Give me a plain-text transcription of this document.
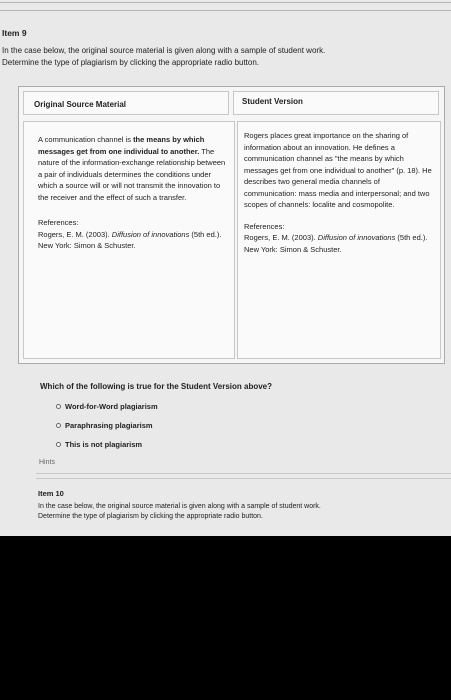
Item 9
In the case below, the original source material is given along with a sample of student work.
Determine the type of plagiarism by clicking the appropriate radio button.
Original Source Material	Student Version
A communication channel is the means by which messages get from one individual to another. The nature of the information-exchange relationship between a pair of individuals determines the conditions under which a source will or will not transmit the innovation to the receiver and the effect of such a transfer.
References:
Rogers, E. M. (2003). Diffusion of innovations (5th ed.). New York: Simon & Schuster.
Rogers places great importance on the sharing of information about an innovation. He defines a communication channel as "the means by which messages get from one individual to another" (p. 18). He describes two general media channels of communication: mass media and interpersonal; and two scopes of channels: localite and cosmopolite.
References:
Rogers, E. M. (2003). Diffusion of innovations (5th ed.). New York: Simon & Schuster.
Which of the following is true for the Student Version above?
Word-for-Word plagiarism
Paraphrasing plagiarism
This is not plagiarism
Hints
Item 10
In the case below, the original source material is given along with a sample of student work.
Determine the type of plagiarism by clicking the appropriate radio button.
